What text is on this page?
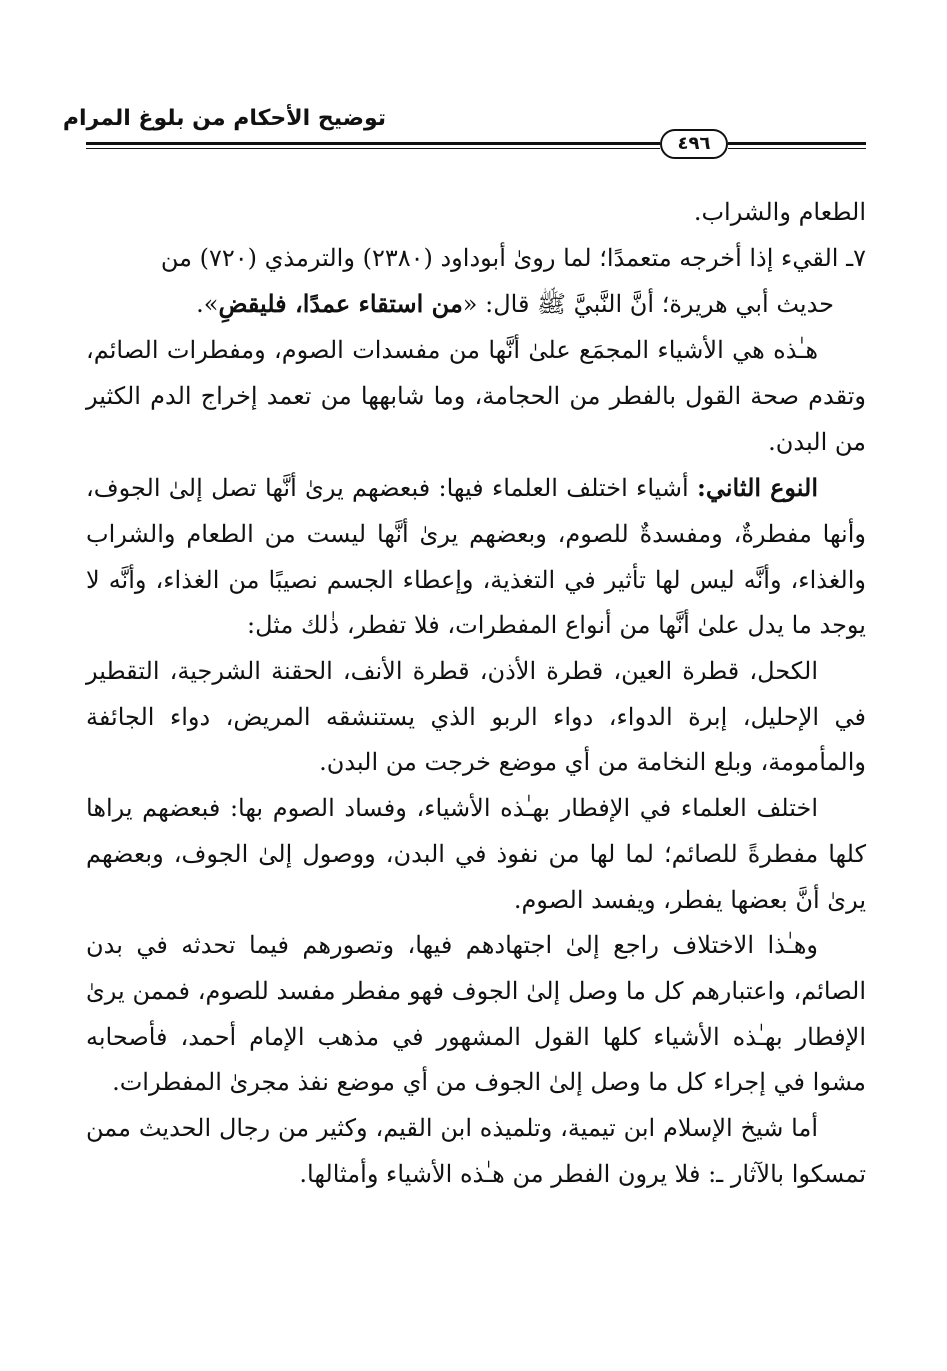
توضيح الأحكام من بلوغ المرام
٤٩٦

الطعام والشراب.

٧ـ القيء إذا أخرجه متعمدًا؛ لما روىٰ أبوداود (٢٣٨٠) والترمذي (٧٢٠) من

حديث أبي هريرة؛ أنَّ النَّبيَّ ﷺ قال: «من استقاء عمدًا، فليقضِ».

هـٰذه هي الأشياء المجمَع علىٰ أنَّها من مفسدات الصوم، ومفطرات الصائم، وتقدم صحة القول بالفطر من الحجامة، وما شابهها من تعمد إخراج الدم الكثير من البدن.

النوع الثاني: أشياء اختلف العلماء فيها: فبعضهم يرىٰ أنَّها تصل إلىٰ الجوف، وأنها مفطرةٌ، ومفسدةٌ للصوم، وبعضهم يرىٰ أنَّها ليست من الطعام والشراب والغذاء، وأنَّه ليس لها تأثير في التغذية، وإعطاء الجسم نصيبًا من الغذاء، وأنَّه لا يوجد ما يدل علىٰ أنَّها من أنواع المفطرات، فلا تفطر، ذٰلك مثل:

الكحل، قطرة العين، قطرة الأذن، قطرة الأنف، الحقنة الشرجية، التقطير في الإحليل، إبرة الدواء، دواء الربو الذي يستنشقه المريض، دواء الجائفة والمأمومة، وبلع النخامة من أي موضع خرجت من البدن.

اختلف العلماء في الإفطار بهـٰذه الأشياء، وفساد الصوم بها: فبعضهم يراها كلها مفطرةً للصائم؛ لما لها من نفوذ في البدن، ووصول إلىٰ الجوف، وبعضهم يرىٰ أنَّ بعضها يفطر، ويفسد الصوم.

وهـٰذا الاختلاف راجع إلىٰ اجتهادهم فيها، وتصورهم فيما تحدثه في بدن الصائم، واعتبارهم كل ما وصل إلىٰ الجوف فهو مفطر مفسد للصوم، فممن يرىٰ الإفطار بهـٰذه الأشياء كلها القول المشهور في مذهب الإمام أحمد، فأصحابه مشوا في إجراء كل ما وصل إلىٰ الجوف من أي موضع نفذ مجرىٰ المفطرات.

أما شيخ الإسلام ابن تيمية، وتلميذه ابن القيم، وكثير من رجال الحديث ممن تمسكوا بالآثار ـ: فلا يرون الفطر من هـٰذه الأشياء وأمثالها.
